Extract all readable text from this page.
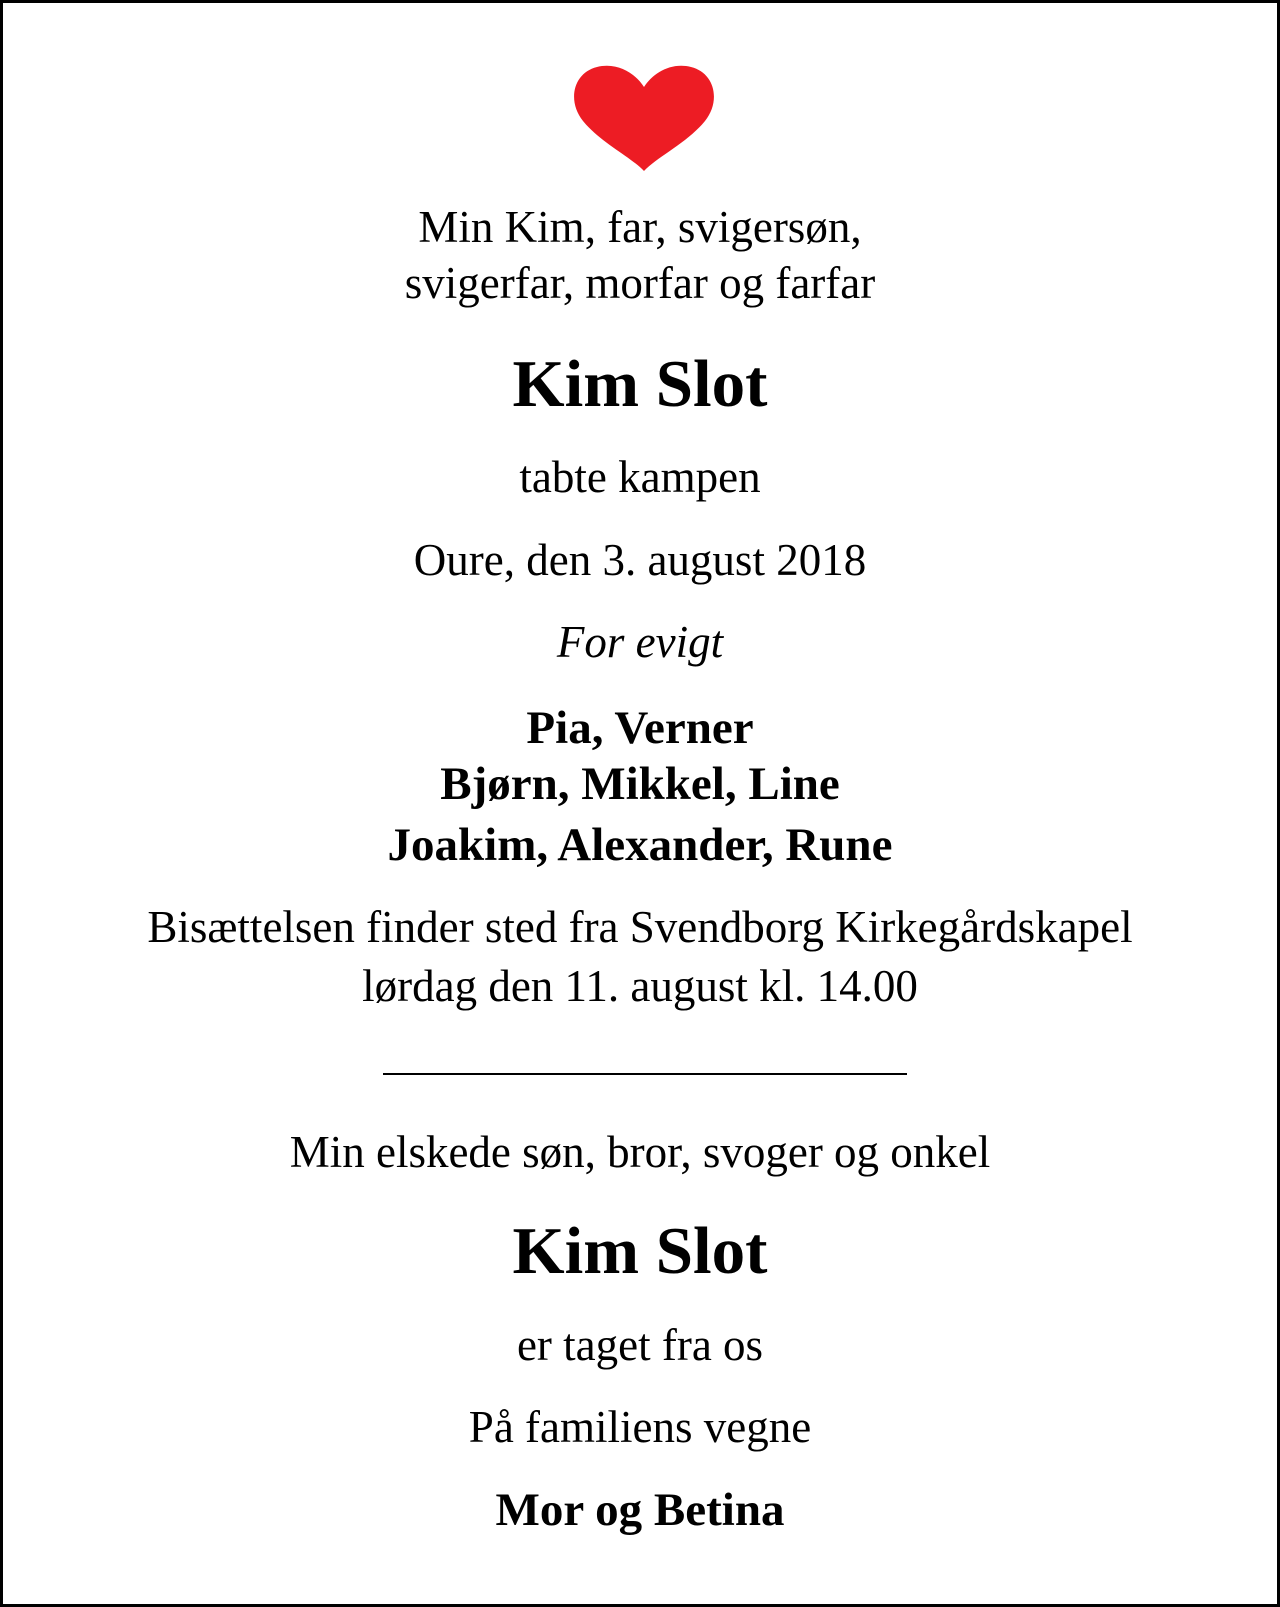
Min Kim, far, svigersøn,

svigerfar, morfar og farfar

Kim Slot

tabte kampen

Oure, den 3. august 2018

For evigt

Pia, Verner

Bjørn, Mikkel, Line

Joakim, Alexander, Rune

Bisættelsen finder sted fra Svendborg Kirkegårdskapel

lørdag den 11. august kl. 14.00

Min elskede søn, bror, svoger og onkel

Kim Slot

er taget fra os

På familiens vegne

Mor og Betina
